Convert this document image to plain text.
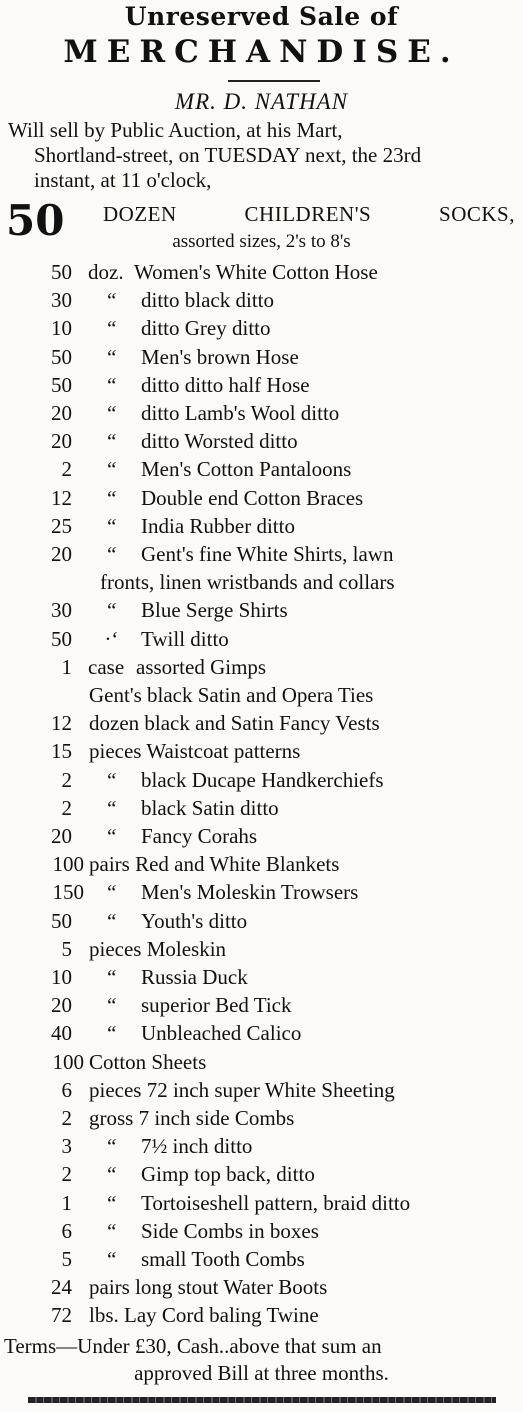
Unreserved Sale of
MERCHANDISE.
MR. D. NATHAN
Will sell by Public Auction, at his Mart,
Shortland-street, on TUESDAY next, the 23rd
instant, at 11 o'clock,
50 DOZEN CHILDREN'S SOCKS,
assorted sizes, 2's to 8's
50 doz. Women's White Cotton Hose
30 “ ditto black ditto
10 “ ditto Grey ditto
50 “ Men's brown Hose
50 “ ditto ditto half Hose
20 “ ditto Lamb's Wool ditto
20 “ ditto Worsted ditto
2 “ Men's Cotton Pantaloons
12 “ Double end Cotton Braces
25 “ India Rubber ditto
20 “ Gent's fine White Shirts, lawn
fronts, linen wristbands and collars
30 “ Blue Serge Shirts
50 ·‘ Twill ditto
1 case assorted Gimps
Gent's black Satin and Opera Ties
12 dozen black and Satin Fancy Vests
15 pieces Waistcoat patterns
2 “ black Ducape Handkerchiefs
2 “ black Satin ditto
20 “ Fancy Corahs
100 pairs Red and White Blankets
150 “ Men's Moleskin Trowsers
50 “ Youth's ditto
5 pieces Moleskin
10 “ Russia Duck
20 “ superior Bed Tick
40 “ Unbleached Calico
100 Cotton Sheets
6 pieces 72 inch super White Sheeting
2 gross 7 inch side Combs
3 “ 7½ inch ditto
2 “ Gimp top back, ditto
1 “ Tortoiseshell pattern, braid ditto
6 “ Side Combs in boxes
5 “ small Tooth Combs
24 pairs long stout Water Boots
72 lbs. Lay Cord baling Twine
Terms—Under £30, Cash..above that sum an
approved Bill at three months.
